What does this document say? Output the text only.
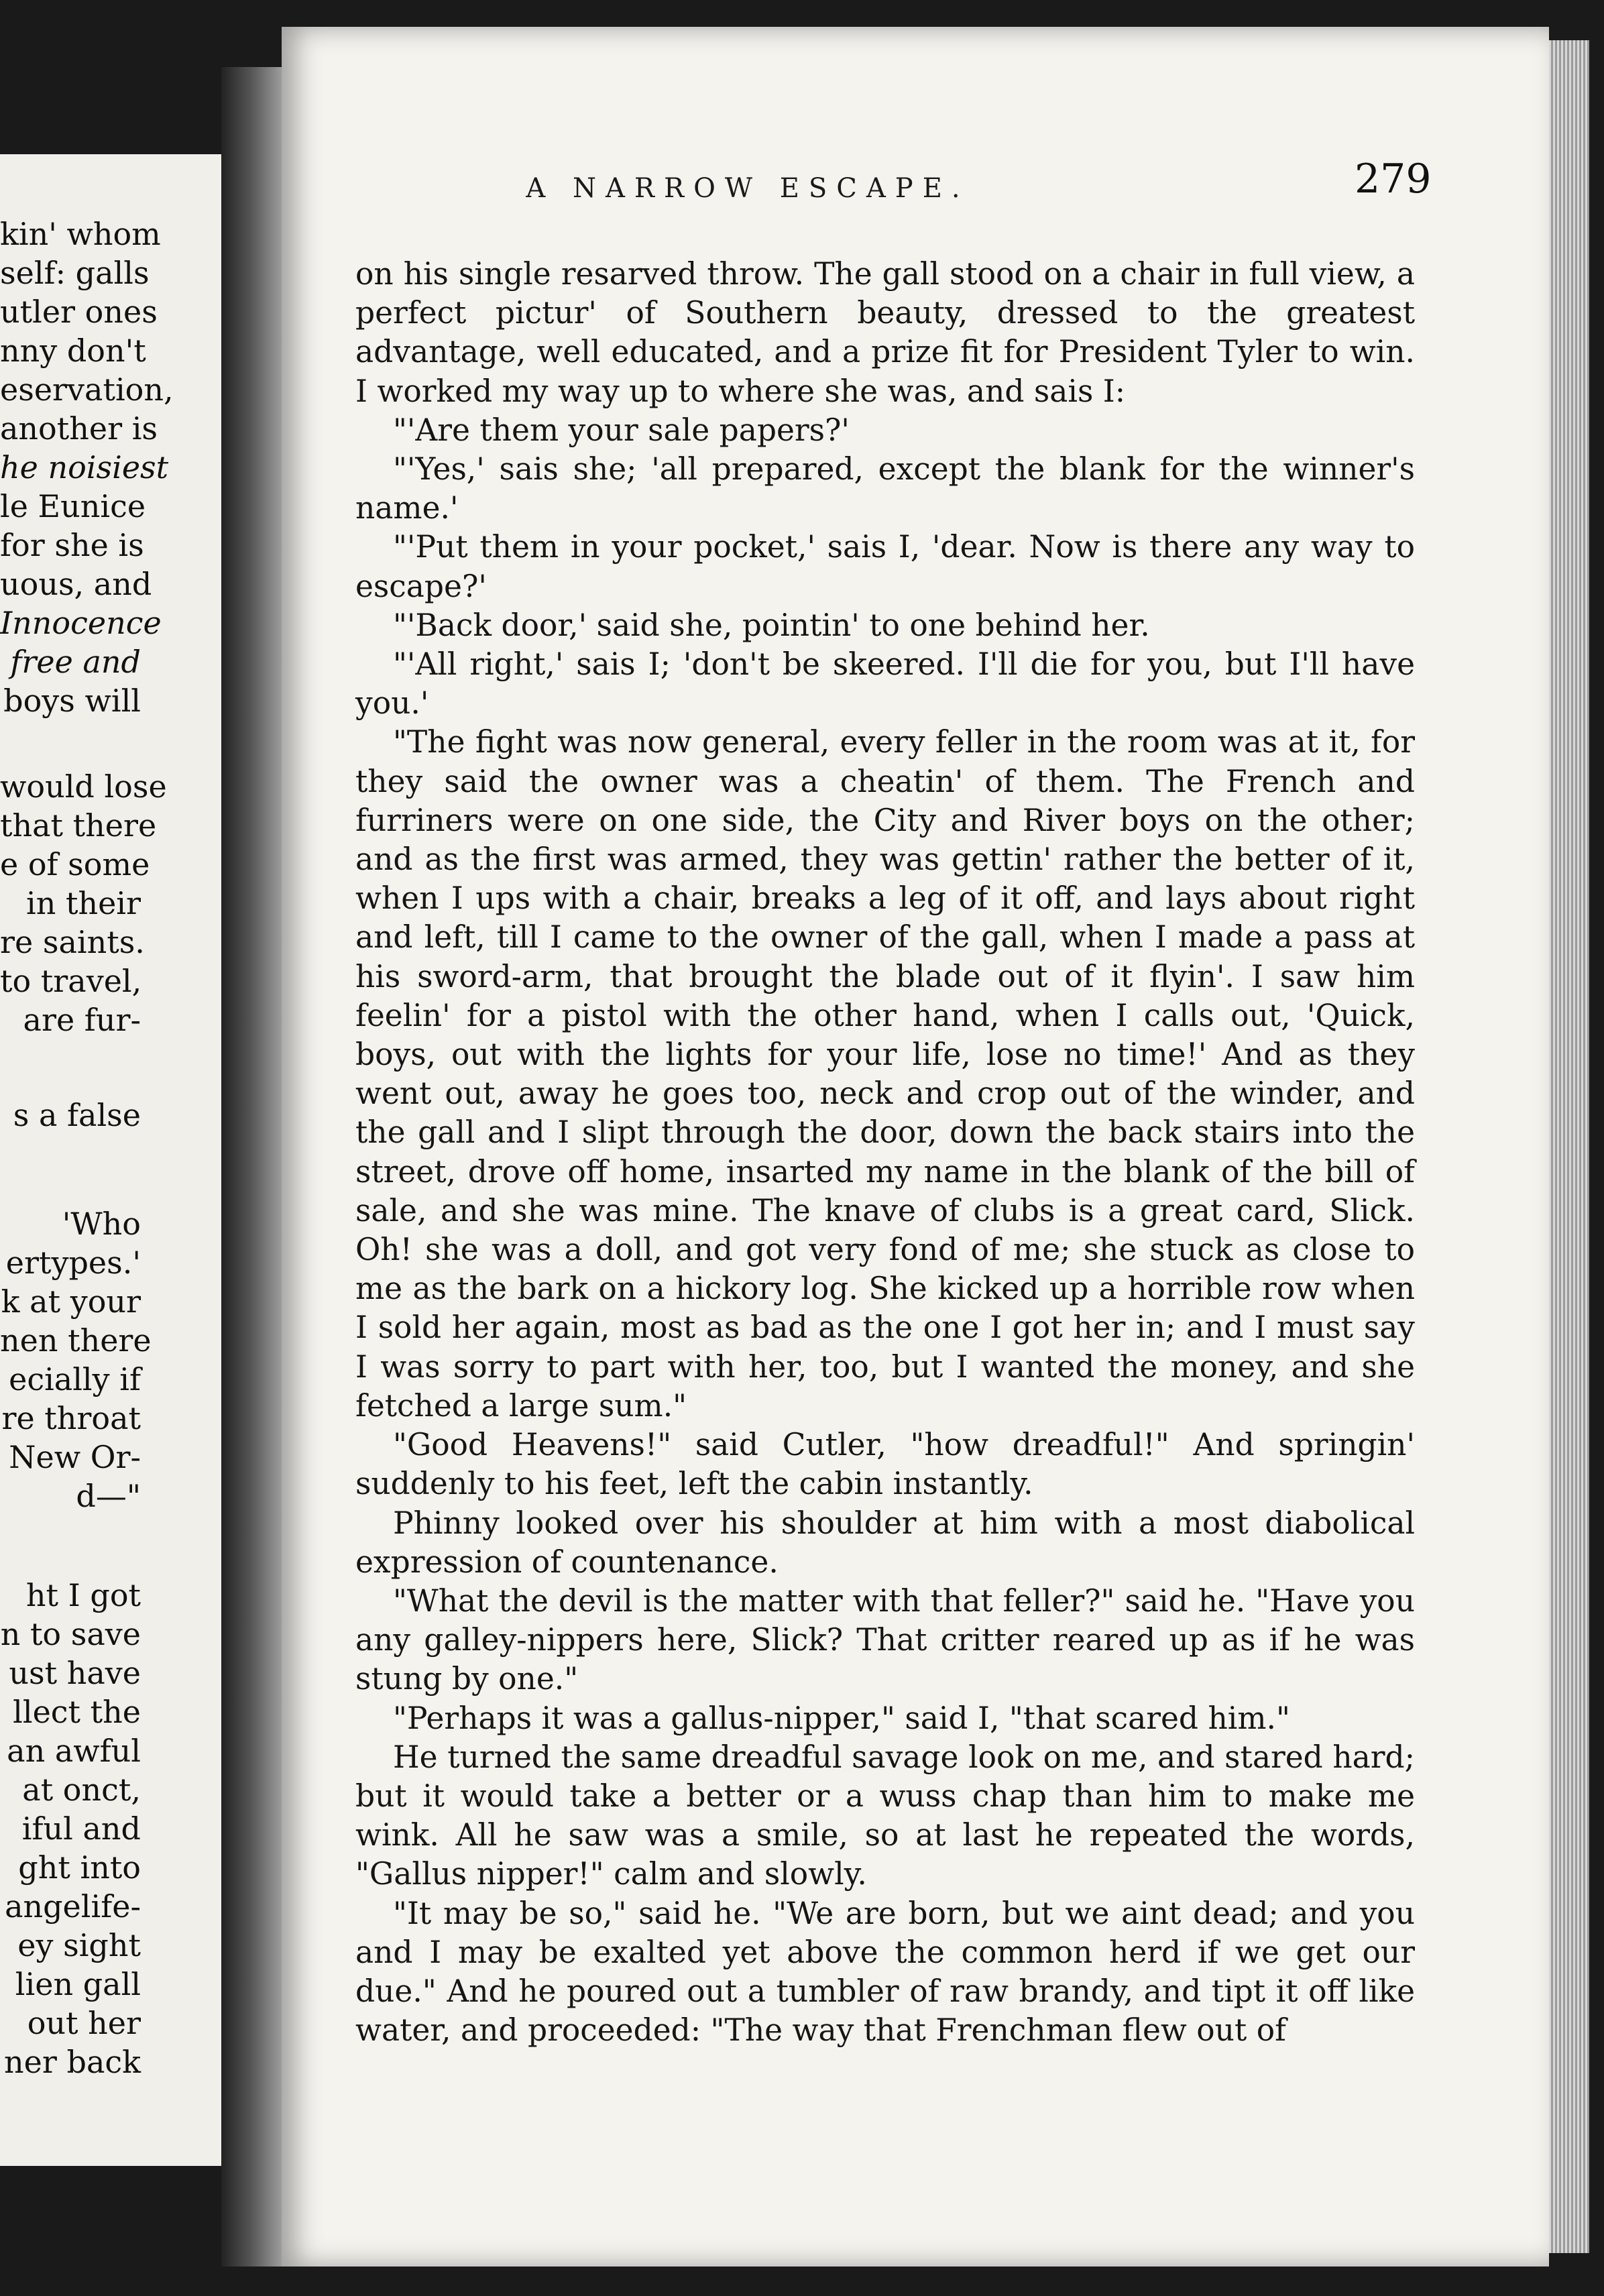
kin' whom
self: galls
utler ones
nny don't
eservation,
another is
he noisiest
le Eunice
for she is
uous, and
Innocence
free and
boys will
would lose
that there
e of some
in their
re saints.
to travel,
are fur-
s a false
'Who
ertypes.'
k at your
nen there
ecially if
re throat
New Or-
d—"
ht I got
n to save
ust have
llect the
an awful
at onct,
iful and
ght into
angelife-
ey sight
lien gall
out her
ner back
A NARROW ESCAPE.	279

on his single resarved throw. The gall stood on a chair in full view, a perfect pictur' of Southern beauty, dressed to the greatest advantage, well educated, and a prize fit for President Tyler to win. I worked my way up to where she was, and sais I:

"'Are them your sale papers?'

"'Yes,' sais she; 'all prepared, except the blank for the winner's name.'

"'Put them in your pocket,' sais I, 'dear. Now is there any way to escape?'

"'Back door,' said she, pointin' to one behind her.

"'All right,' sais I; 'don't be skeered. I'll die for you, but I'll have you.'

"The fight was now general, every feller in the room was at it, for they said the owner was a cheatin' of them. The French and furriners were on one side, the City and River boys on the other; and as the first was armed, they was gettin' rather the better of it, when I ups with a chair, breaks a leg of it off, and lays about right and left, till I came to the owner of the gall, when I made a pass at his sword-arm, that brought the blade out of it flyin'. I saw him feelin' for a pistol with the other hand, when I calls out, 'Quick, boys, out with the lights for your life, lose no time!' And as they went out, away he goes too, neck and crop out of the winder, and the gall and I slipt through the door, down the back stairs into the street, drove off home, insarted my name in the blank of the bill of sale, and she was mine. The knave of clubs is a great card, Slick. Oh! she was a doll, and got very fond of me; she stuck as close to me as the bark on a hickory log. She kicked up a horrible row when I sold her again, most as bad as the one I got her in; and I must say I was sorry to part with her, too, but I wanted the money, and she fetched a large sum."

"Good Heavens!" said Cutler, "how dreadful!" And springin' suddenly to his feet, left the cabin instantly.

Phinny looked over his shoulder at him with a most diabolical expression of countenance.

"What the devil is the matter with that feller?" said he. "Have you any galley-nippers here, Slick? That critter reared up as if he was stung by one."

"Perhaps it was a gallus-nipper," said I, "that scared him."

He turned the same dreadful savage look on me, and stared hard; but it would take a better or a wuss chap than him to make me wink. All he saw was a smile, so at last he repeated the words, "Gallus nipper!" calm and slowly.

"It may be so," said he. "We are born, but we aint dead; and you and I may be exalted yet above the common herd if we get our due." And he poured out a tumbler of raw brandy, and tipt it off like water, and proceeded: "The way that Frenchman flew out of
